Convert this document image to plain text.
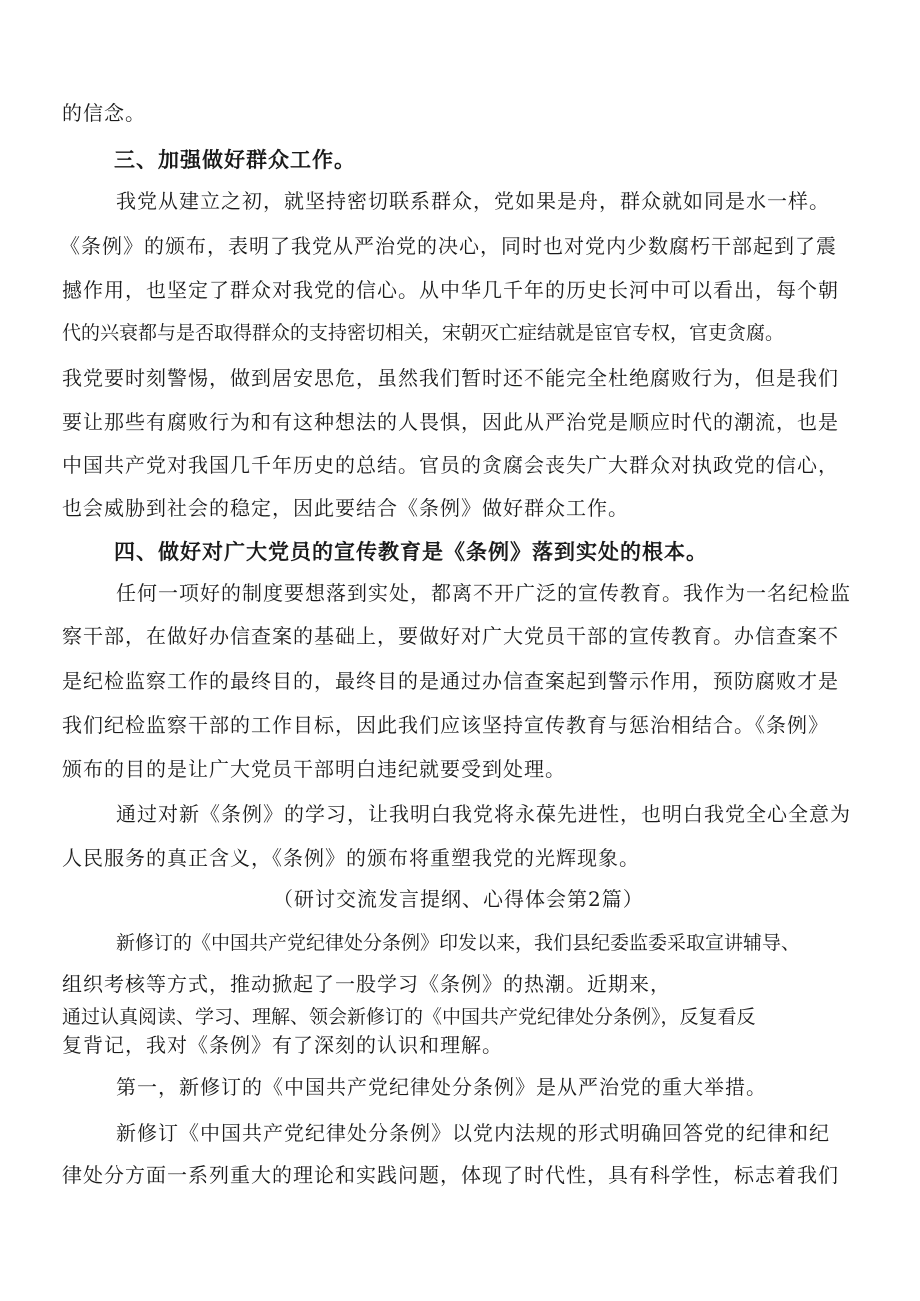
的信念。
三、加强做好群众工作。
我党从建立之初，就坚持密切联系群众，党如果是舟，群众就如同是水一样。
《条例》的颁布，表明了我党从严治党的决心，同时也对党内少数腐朽干部起到了震
撼作用，也坚定了群众对我党的信心。从中华几千年的历史长河中可以看出，每个朝
代的兴衰都与是否取得群众的支持密切相关，宋朝灭亡症结就是宦官专权，官吏贪腐。
我党要时刻警惕，做到居安思危，虽然我们暂时还不能完全杜绝腐败行为，但是我们
要让那些有腐败行为和有这种想法的人畏惧，因此从严治党是顺应时代的潮流，也是
中国共产党对我国几千年历史的总结。官员的贪腐会丧失广大群众对执政党的信心，
也会威胁到社会的稳定，因此要结合《条例》做好群众工作。
四、做好对广大党员的宣传教育是《条例》落到实处的根本。
任何一项好的制度要想落到实处，都离不开广泛的宣传教育。我作为一名纪检监
察干部，在做好办信查案的基础上，要做好对广大党员干部的宣传教育。办信查案不
是纪检监察工作的最终目的，最终目的是通过办信查案起到警示作用，预防腐败才是
我们纪检监察干部的工作目标，因此我们应该坚持宣传教育与惩治相结合。《条例》
颁布的目的是让广大党员干部明白违纪就要受到处理。
通过对新《条例》的学习，让我明白我党将永葆先进性，也明白我党全心全意为
人民服务的真正含义，《条例》的颁布将重塑我党的光辉现象。
（研讨交流发言提纲、心得体会第2篇）
新修订的《中国共产党纪律处分条例》印发以来，我们县纪委监委采取宣讲辅导、
组织考核等方式，推动掀起了一股学习《条例》的热潮。近期来，
通过认真阅读、学习、理解、领会新修订的《中国共产党纪律处分条例》，反复看反
复背记，我对《条例》有了深刻的认识和理解。
第一，新修订的《中国共产党纪律处分条例》是从严治党的重大举措。
新修订《中国共产党纪律处分条例》以党内法规的形式明确回答党的纪律和纪
律处分方面一系列重大的理论和实践问题，体现了时代性，具有科学性，标志着我们
